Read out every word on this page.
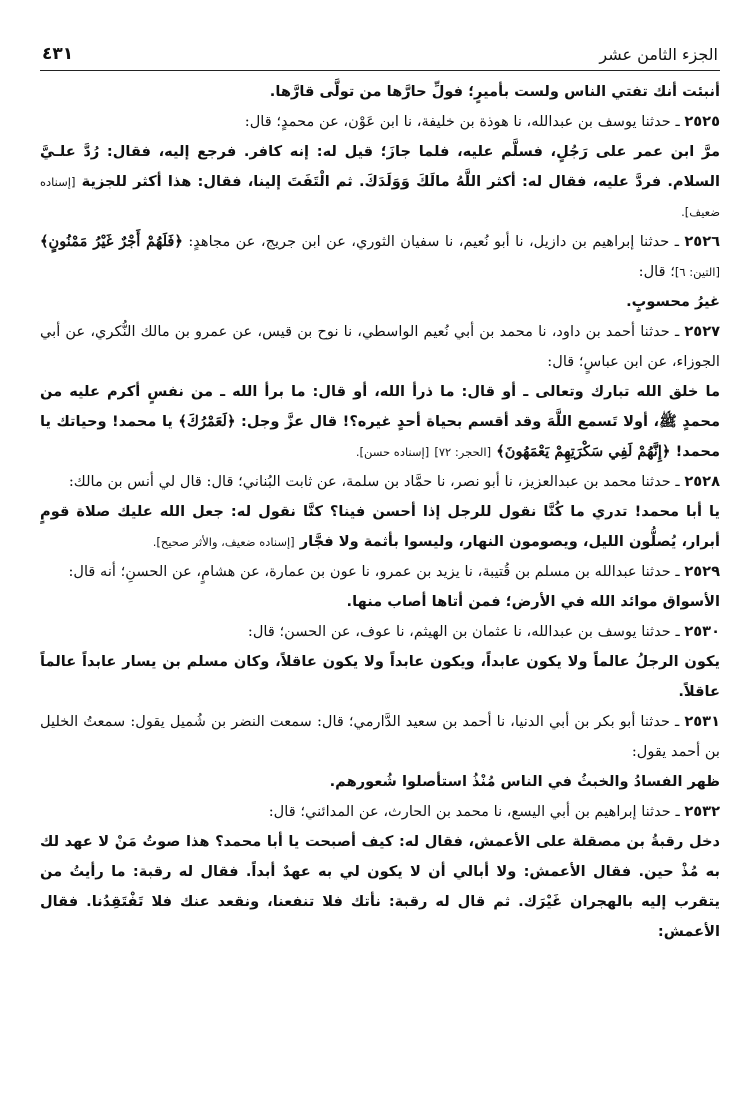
الجزء الثامن عشر
٤٣١

أنبئت أنك تفتي الناس ولست بأميرٍ؛ فولِّ حارَّها من تولَّى قارَّها.

٢٥٢٥ ـ حدثنا يوسف بن عبدالله، نا هوذة بن خليفة، نا ابن عَوْن، عن محمدٍ؛ قال:

مرَّ ابن عمر على رَجُلٍ، فسلَّم عليه، فلما جازَ؛ قيل له: إنه كافر. فرجع إليه، فقال: رُدَّ علـيَّ السلام. فردَّ عليه، فقال له: أكثر اللَّهُ مالَكَ وَوَلَدَكَ. ثم الْتَفَتَ إلينا، فقال: هذا أكثر للجزية [إسناده ضعيف].

٢٥٢٦ ـ حدثنا إبراهيم بن دازيل، نا أبو نُعيم، نا سفيان الثوري، عن ابن جريج، عن مجاهدٍ: ﴿فَلَهُمْ أَجْرٌ غَيْرُ مَمْنُونٍ﴾ [التين: ٦]؛ قال:

غيرُ محسوبٍ.

٢٥٢٧ ـ حدثنا أحمد بن داود، نا محمد بن أبي نُعيم الواسطي، نا نوح بن قيس، عن عمرو بن مالك النُّكري، عن أبي الجوزاء، عن ابن عباسٍ؛ قال:

ما خلق الله تبارك وتعالى ـ أو قال: ما ذرأ الله، أو قال: ما برأ الله ـ من نفسٍ أكرم عليه من محمدٍ ﷺ، أولا تَسمع اللَّهَ وقد أقسم بحياة أحدٍ غيره؟! قال عزَّ وجل: ﴿لَعَمْرُكَ﴾ يا محمد! وحياتك يا محمد! ﴿إِنَّهُمْ لَفِي سَكْرَتِهِمْ يَعْمَهُونَ﴾ [الحجر: ٧٢] [إسناده حسن].

٢٥٢٨ ـ حدثنا محمد بن عبدالعزيز، نا أبو نصر، نا حمَّاد بن سلمة، عن ثابت البُناني؛ قال: قال لي أنس بن مالك:

يا أبا محمد! تدري ما كُنَّا نقول للرجل إذا أحسن فينا؟ كنَّا نقول له: جعل الله عليك صلاة قومٍ أبرار، يُصلُّون الليل، ويصومون النهار، وليسوا بأثمة ولا فجَّار [إسناده ضعيف، والأثر صحيح].

٢٥٢٩ ـ حدثنا عبدالله بن مسلم بن قُتيبة، نا يزيد بن عمرو، نا عون بن عمارة، عن هشامٍ، عن الحسنِ؛ أنه قال:

الأسواق موائد الله في الأرض؛ فمن أتاها أصاب منها.

٢٥٣٠ ـ حدثنا يوسف بن عبدالله، نا عثمان بن الهيثم، نا عوف، عن الحسن؛ قال:

يكون الرجلُ عالماً ولا يكون عابداً، ويكون عابداً ولا يكون عاقلاً، وكان مسلم بن يسار عابداً عالماً عاقلاً.

٢٥٣١ ـ حدثنا أبو بكر بن أبي الدنيا، نا أحمد بن سعيد الدَّارمي؛ قال: سمعت النضر بن شُميل يقول: سمعتُ الخليل بن أحمد يقول:

ظهر الفسادُ والخبثُ في الناس مُنْذُ استأصلوا شُعورهم.

٢٥٣٢ ـ حدثنا إبراهيم بن أبي اليسع، نا محمد بن الحارث، عن المدائني؛ قال:

دخل رقبةُ بن مصقلة على الأعمش، فقال له: كيف أصبحت يا أبا محمد؟ هذا صوتُ مَنْ لا عهد لك به مُذْ حين. فقال الأعمش: ولا أبالي أن لا يكون لي به عهدٌ أبداً. فقال له رقبة: ما رأيتُ من يتقرب إليه بالهجران غَيْرَك. ثم قال له رقبة: نأتك فلا تنفعنا، ونقعد عنك فلا تَفْتَقِدُنا. فقال الأعمش:
